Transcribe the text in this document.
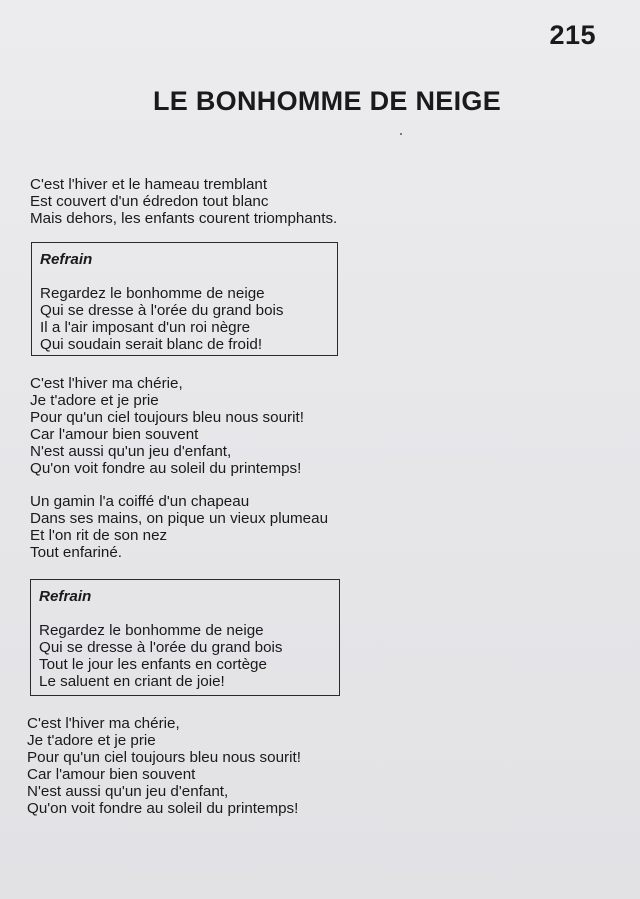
215
LE BONHOMME DE NEIGE
C'est l'hiver et le hameau tremblant
Est couvert d'un édredon tout blanc
Mais dehors, les enfants courent triomphants.
Refrain
Regardez le bonhomme de neige
Qui se dresse à l'orée du grand bois
Il a l'air imposant d'un roi nègre
Qui soudain serait blanc de froid!
C'est l'hiver ma chérie,
Je t'adore et je prie
Pour qu'un ciel toujours bleu nous sourit!
Car l'amour bien souvent
N'est aussi qu'un jeu d'enfant,
Qu'on voit fondre au soleil du printemps!
Un gamin l'a coiffé d'un chapeau
Dans ses mains, on pique un vieux plumeau
Et l'on rit de son nez
Tout enfariné.
Refrain
Regardez le bonhomme de neige
Qui se dresse à l'orée du grand bois
Tout le jour les enfants en cortège
Le saluent en criant de joie!
C'est l'hiver ma chérie,
Je t'adore et je prie
Pour qu'un ciel toujours bleu nous sourit!
Car l'amour bien souvent
N'est aussi qu'un jeu d'enfant,
Qu'on voit fondre au soleil du printemps!
